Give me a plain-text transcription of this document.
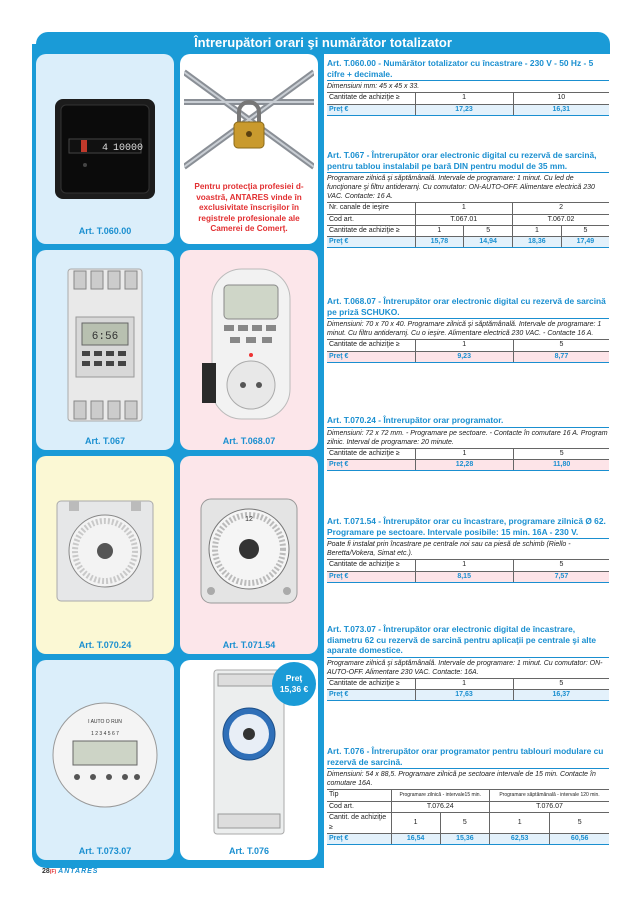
Întrerupători orari şi numărător totalizator
4 10000
Art. T.060.00
Pentru protecţia profesiei d-voastră, ANTARES vinde în exclusivitate înscrişilor în registrele profesionale ale Camerei de Comerţ.
6:56
Art. T.067	Art. T.068.07
Art. T.070.24
12
Art. T.071.54
I AUTO O RUN
1 2 3 4 5 6 7
Art. T.073.07
Preţ
15,36 €
Art. T.076
Art. T.060.00 - Numărător totalizator cu încastrare - 230 V - 50 Hz - 5 cifre + decimale.
Dimensiuni mm: 45 x 45 x 33.
Cantitate de achiziţie ≥	1	10
Preţ €	17,23	16,31
Art. T.067 - Întrerupător orar electronic digital cu rezervă de sarcină, pentru tablou instalabil pe bară DIN pentru modul de 35 mm.
Programare zilnică şi săptămânală. Intervale de programare: 1 minut. Cu led de funcţionare şi filtru antiderarnj. Cu comutator: ON-AUTO-OFF. Alimentare electrică 230 VAC. Contacte: 16 A.
Nr. canale de ieşire	1		2	
Cod art.	T.067.01		T.067.02	
Cantitate de achiziţie ≥	1	5	1	5
Preţ €	15,78	14,94	18,36	17,49
Art. T.068.07 - Întrerupător orar electronic digital cu rezervă de sarcină pe priză SCHUKO.
Dimensiuni: 70 x 70 x 40. Programare zilnică şi săptămânală. Intervale de programare: 1 minut. Cu filtru antiderarnj. Cu o ieşire. Alimentare electrică 230 VAC. - Contacte 16 A.
Cantitate de achiziţie ≥	1	5
Preţ €	9,23	8,77
Art. T.070.24 - Întrerupător orar programator.
Dimensiuni: 72 x 72 mm. - Programare pe sectoare. - Contacte în comutare 16 A. Program zilnic. Interval de programare: 20 minute.
Cantitate de achiziţie ≥	1	5
Preţ €	12,28	11,80
Art. T.071.54 - Întrerupător orar cu încastrare, programare zilnică Ø 62. Programare pe sectoare. Intervale posibile: 15 min. 16A - 230 V.
Poate fi instalat prin încastrare pe centrale noi sau ca piesă de schimb (Riello - Beretta/Vokera, Simat etc.).
Cantitate de achiziţie ≥	1	5
Preţ €	8,15	7,57
Art. T.073.07 - Întrerupător orar electronic digital de încastrare, diametru 62 cu rezervă de sarcină pentru aplicaţii pe centrale şi alte aparate domestice.
Programare zilnică şi săptămânală. Intervale de programare: 1 minut. Cu comutator: ON-AUTO-OFF. Alimentare 230 VAC. Contacte: 16A.
Cantitate de achiziţie ≥	1	5
Preţ €	17,63	16,37
Art. T.076 - Întrerupător orar programator pentru tablouri modulare cu rezervă de sarcină.
Dimensiuni: 54 x 88,5. Programare zilnică pe sectoare intervale de 15 min. Contacte în comutare 16A.
Tip	Programare zilnică - intervale15 min.		Programare săptămânală - intervale 120 min.	
Cod art.	T.076.24		T.076.07	
Cantit. de achiziţie ≥	1	5	1	5
Preţ €	16,54	15,36	62,53	60,56
28(F) ANTARES
